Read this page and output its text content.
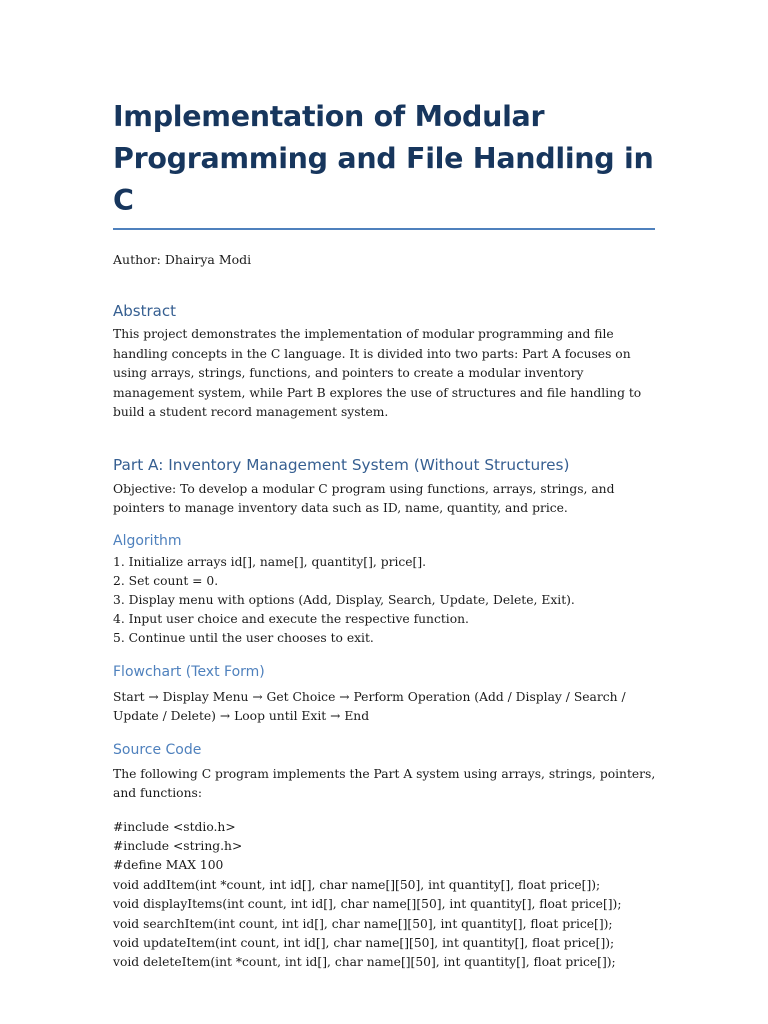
Implementation of Modular
Programming and File Handling in C
Author: Dhairya Modi
Abstract

This project demonstrates the implementation of modular programming and file handling concepts in the C language. It is divided into two parts: Part A focuses on using arrays, strings, functions, and pointers to create a modular inventory management system, while Part B explores the use of structures and file handling to build a student record management system.

Part A: Inventory Management System (Without Structures)

Objective: To develop a modular C program using functions, arrays, strings, and pointers to manage inventory data such as ID, name, quantity, and price.

Algorithm
1. Initialize arrays id[], name[], quantity[], price[].
2. Set count = 0.
3. Display menu with options (Add, Display, Search, Update, Delete, Exit).
4. Input user choice and execute the respective function.
5. Continue until the user chooses to exit.
Flowchart (Text Form)

Start → Display Menu → Get Choice → Perform Operation (Add / Display / Search / Update / Delete) → Loop until Exit → End

Source Code

The following C program implements the Part A system using arrays, strings, pointers, and functions:

#include <stdio.h>
#include <string.h>
#define MAX 100
void addItem(int *count, int id[], char name[][50], int quantity[], float price[]);
void displayItems(int count, int id[], char name[][50], int quantity[], float price[]);
void searchItem(int count, int id[], char name[][50], int quantity[], float price[]);
void updateItem(int count, int id[], char name[][50], int quantity[], float price[]);
void deleteItem(int *count, int id[], char name[][50], int quantity[], float price[]);
